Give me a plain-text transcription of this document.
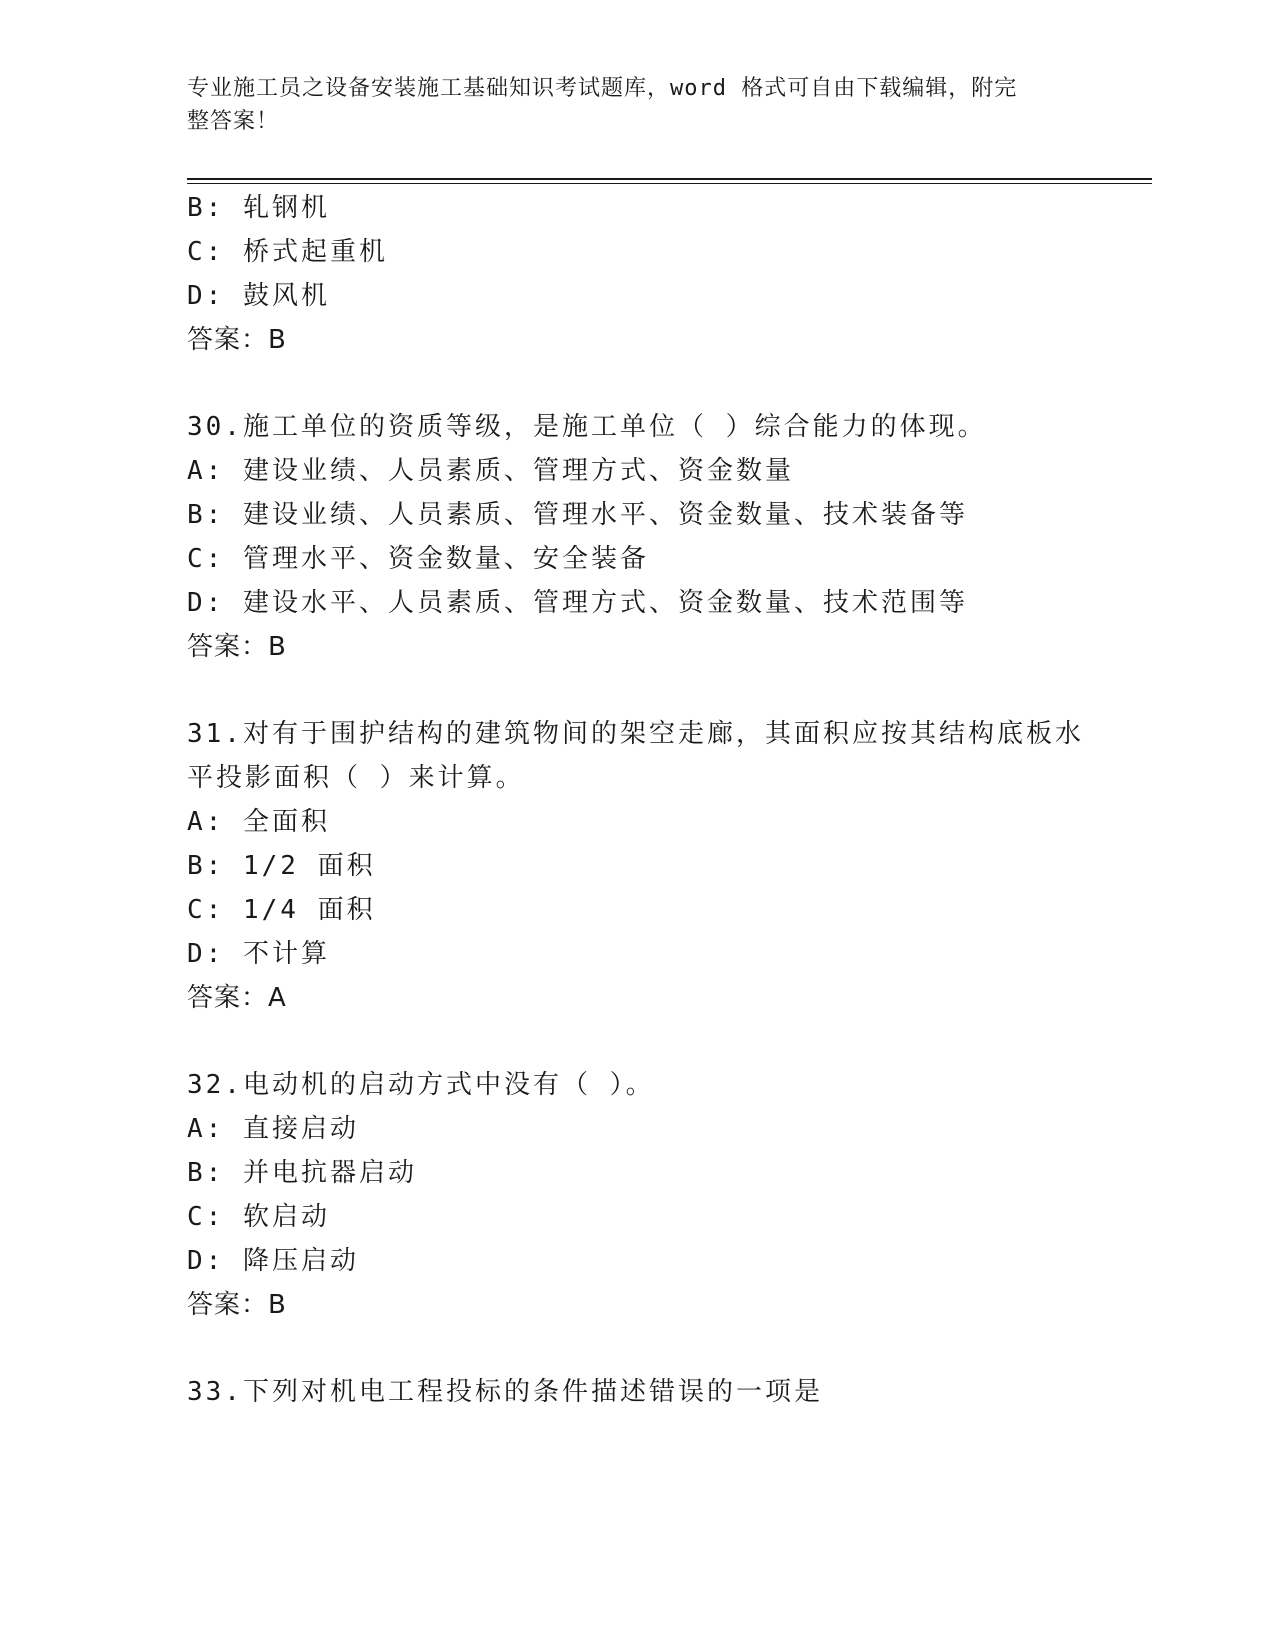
专业施工员之设备安装施工基础知识考试题库，word 格式可自由下载编辑，附完
整答案！
B: 轧钢机
C: 桥式起重机
D: 鼓风机
答案：B
30.施工单位的资质等级，是施工单位（ ）综合能力的体现。
A: 建设业绩、人员素质、管理方式、资金数量
B: 建设业绩、人员素质、管理水平、资金数量、技术装备等
C: 管理水平、资金数量、安全装备
D: 建设水平、人员素质、管理方式、资金数量、技术范围等
答案：B
31.对有于围护结构的建筑物间的架空走廊，其面积应按其结构底板水
平投影面积（ ）来计算。
A: 全面积
B: 1/2 面积
C: 1/4 面积
D: 不计算
答案：A
32.电动机的启动方式中没有（ ）。
A: 直接启动
B: 并电抗器启动
C: 软启动
D: 降压启动
答案：B
33.下列对机电工程投标的条件描述错误的一项是
